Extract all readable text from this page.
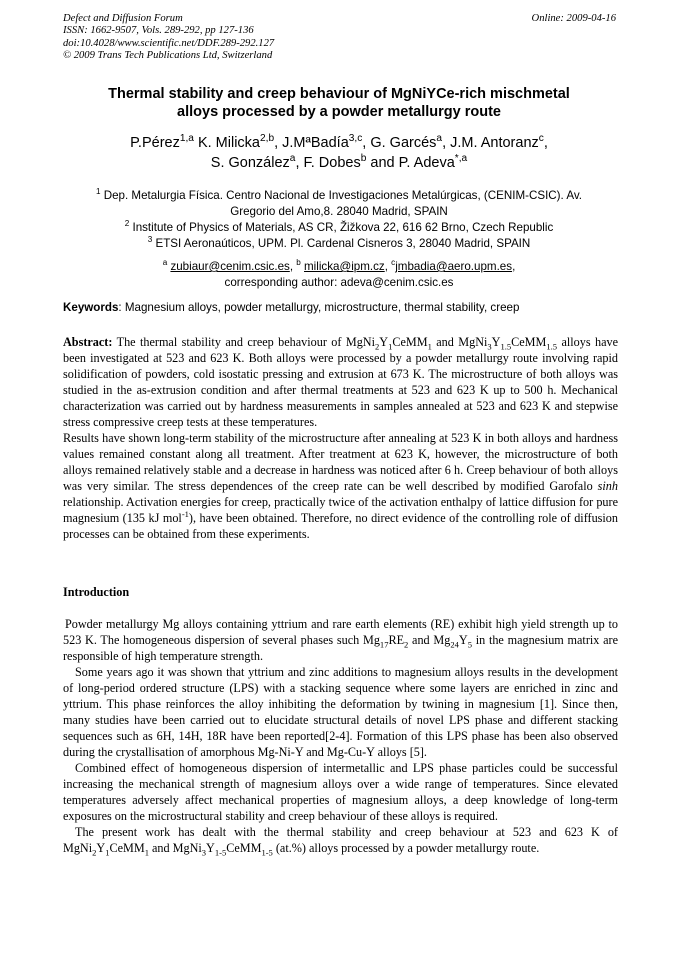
Defect and Diffusion Forum
ISSN: 1662-9507, Vols. 289-292, pp 127-136
doi:10.4028/www.scientific.net/DDF.289-292.127
© 2009 Trans Tech Publications Ltd, Switzerland
Online: 2009-04-16
Thermal stability and creep behaviour of MgNiYCe-rich mischmetal
alloys processed by a powder metallurgy route
P.Pérez$^{1,a}$ K. Milicka$^{2,b}$, J.MªBadía$^{3,c}$, G. Garcés$^a$, J.M. Antoranz$^c$,
S. González$^a$, F. Dobes$^b$ and P. Adeva$^{*,a}$
$^1$ Dep. Metalurgia Física. Centro Nacional de Investigaciones Metalúrgicas, (CENIM-CSIC). Av.
Gregorio del Amo,8. 28040 Madrid, SPAIN
$^2$ Institute of Physics of Materials, AS CR, Žižkova 22, 616 62 Brno, Czech Republic
$^3$ ETSI Aeronaúticos, UPM. Pl. Cardenal Cisneros 3, 28040 Madrid, SPAIN
$^a$ zubiaur@cenim.csic.es, $^b$ milicka@ipm.cz, $^c$jmbadia@aero.upm.es,
corresponding author: adeva@cenim.csic.es
Keywords: Magnesium alloys, powder metallurgy, microstructure, thermal stability, creep

Abstract: The thermal stability and creep behaviour of $MgNi_2Y_1CeMM_1$ and $MgNi_3Y_{1.5}CeMM_{1.5}$ alloys have been investigated at 523 and 623 K. Both alloys were processed by a powder metallurgy route involving rapid solidification of powders, cold isostatic pressing and extrusion at 673 K. The microstructure of both alloys was studied in the as-extrusion condition and after thermal treatments at 523 and 623 K up to 500 h. Mechanical characterization was carried out by hardness measurements in samples annealed at 523 and 623 K and stepwise stress compressive creep tests at these temperatures.

Results have shown long-term stability of the microstructure after annealing at 523 K in both alloys and hardness values remained constant along all treatment. After treatment at 623 K, however, the microstructure of both alloys remained relatively stable and a decrease in hardness was noticed after 6 h. Creep behaviour of both alloys was very similar. The stress dependences of the creep rate can be well described by modified Garofalo sinh relationship. Activation energies for creep, practically twice of the activation enthalpy of lattice diffusion for pure magnesium (135 kJ mol$^{-1}$), have been obtained. Therefore, no direct evidence of the controlling role of diffusion processes can be obtained from these experiments.

Introduction

Powder metallurgy Mg alloys containing yttrium and rare earth elements (RE) exhibit high yield strength up to 523 K. The homogeneous dispersion of several phases such $Mg_{17}RE_2$ and $Mg_{24}Y_5$ in the magnesium matrix are responsible of high temperature strength.

Some years ago it was shown that yttrium and zinc additions to magnesium alloys results in the development of long-period ordered structure (LPS) with a stacking sequence where some layers are enriched in zinc and yttrium. This phase reinforces the alloy inhibiting the deformation by twining in magnesium [1]. Since then, many studies have been carried out to elucidate structural details of novel LPS phase and different stacking sequences such as 6H, 14H, 18R have been reported[2-4]. Formation of this LPS phase has been also observed during the crystallisation of amorphous Mg-Ni-Y and Mg-Cu-Y alloys [5].

Combined effect of homogeneous dispersion of intermetallic and LPS phase particles could be successful increasing the mechanical strength of magnesium alloys over a wide range of temperatures. Since elevated temperatures adversely affect mechanical properties of magnesium alloys, a deep knowledge of long-term exposures on the microstructural stability and creep behaviour of these alloys is required.

The present work has dealt with the thermal stability and creep behaviour at 523 and 623 K of $MgNi_2Y_1CeMM_1$ and $MgNi_3Y_{1-5}CeMM_{1-5}$ (at.%) alloys processed by a powder metallurgy route.
